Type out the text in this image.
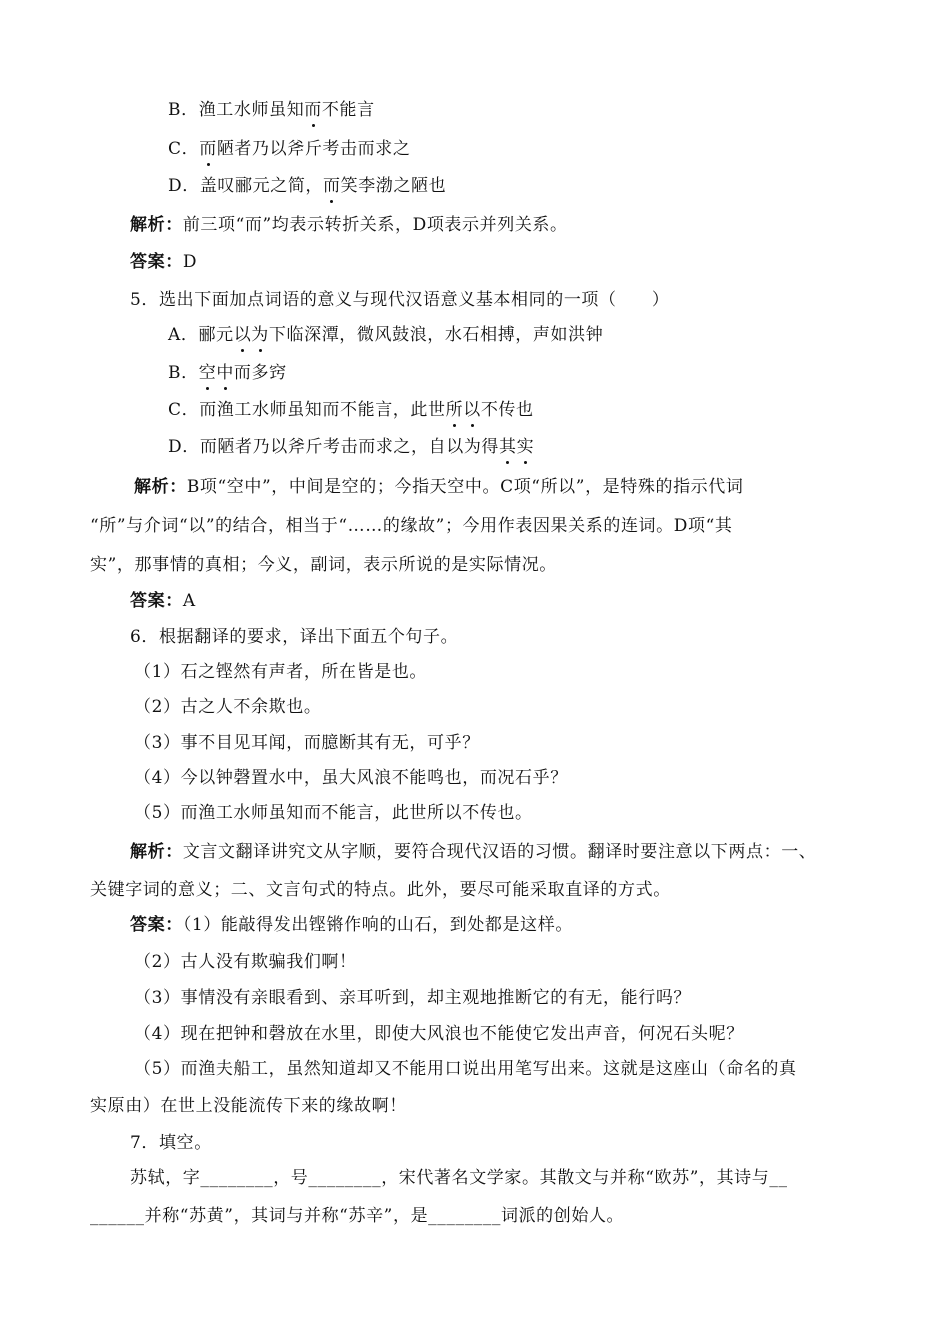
B．渔工水师虽知而不能言
C．而陋者乃以斧斤考击而求之
D．盖叹郦元之简，而笑李渤之陋也
解析：前三项“而”均表示转折关系，D项表示并列关系。
答案：D
5．选出下面加点词语的意义与现代汉语意义基本相同的一项（　　）
A．郦元以为下临深潭，微风鼓浪，水石相搏，声如洪钟
B．空中而多窍
C．而渔工水师虽知而不能言，此世所以不传也
D．而陋者乃以斧斤考击而求之，自以为得其实
解析：B项“空中”，中间是空的；今指天空中。C项“所以”，是特殊的指示代词
“所”与介词“以”的结合，相当于“……的缘故”；今用作表因果关系的连词。D项“其
实”，那事情的真相；今义，副词，表示所说的是实际情况。
答案：A
6．根据翻译的要求，译出下面五个句子。
（1）石之铿然有声者，所在皆是也。
（2）古之人不余欺也。
（3）事不目见耳闻，而臆断其有无，可乎？
（4）今以钟磬置水中，虽大风浪不能鸣也，而况石乎？
（5）而渔工水师虽知而不能言，此世所以不传也。
解析：文言文翻译讲究文从字顺，要符合现代汉语的习惯。翻译时要注意以下两点：一、
关键字词的意义；二、文言句式的特点。此外，要尽可能采取直译的方式。
答案：（1）能敲得发出铿锵作响的山石，到处都是这样。
（2）古人没有欺骗我们啊！
（3）事情没有亲眼看到、亲耳听到，却主观地推断它的有无，能行吗？
（4）现在把钟和磬放在水里，即使大风浪也不能使它发出声音，何况石头呢？
（5）而渔夫船工，虽然知道却又不能用口说出用笔写出来。这就是这座山（命名的真
实原由）在世上没能流传下来的缘故啊！
7．填空。
苏轼，字________，号________，宋代著名文学家。其散文与并称“欧苏”，其诗与__
______并称“苏黄”，其词与并称“苏辛”，是________词派的创始人。
